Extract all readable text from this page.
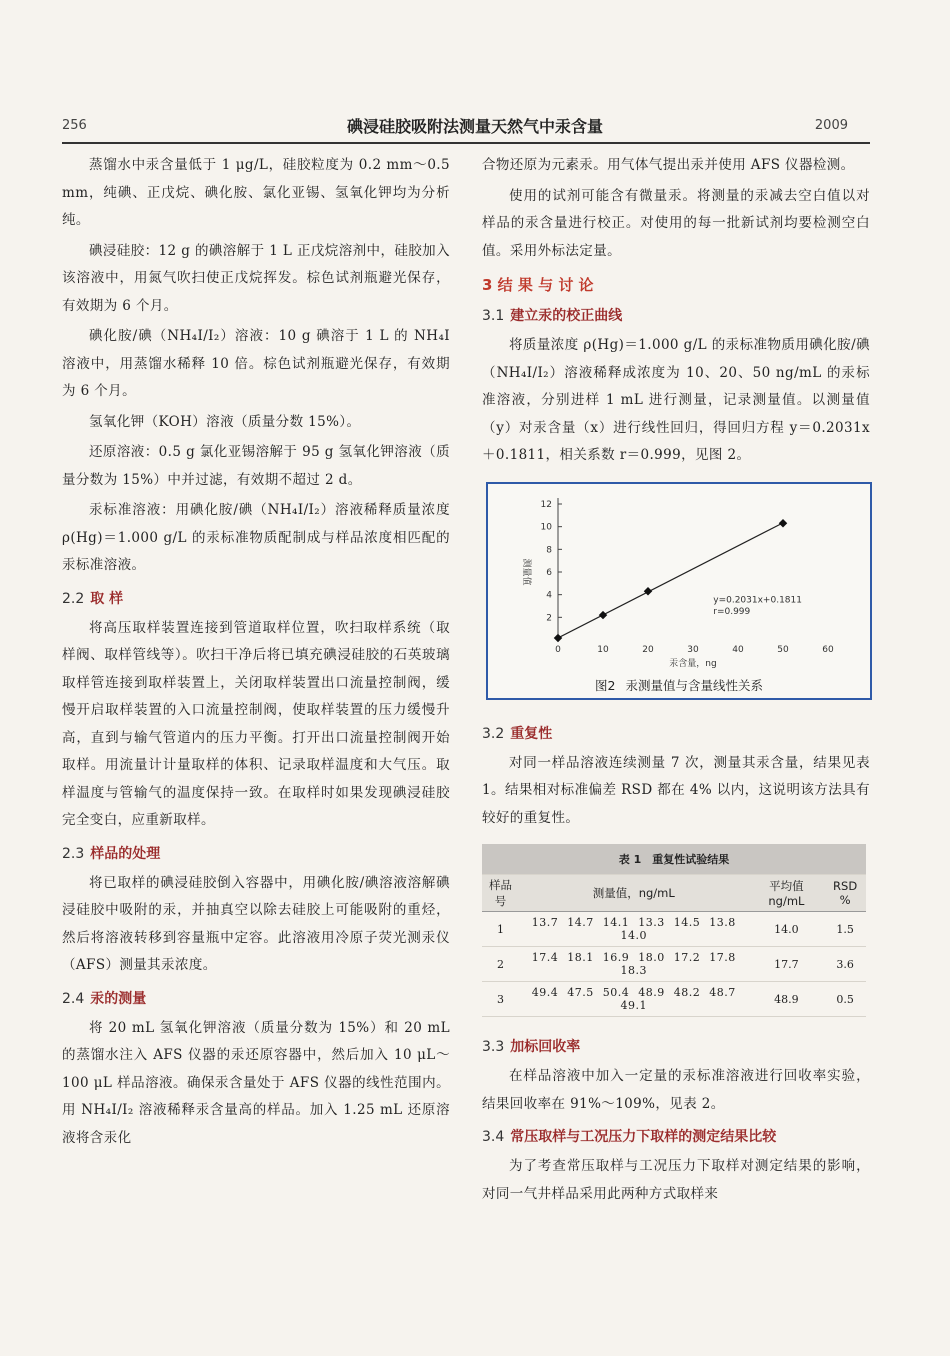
256	碘浸硅胶吸附法测量天然气中汞含量	2009

蒸馏水中汞含量低于 1 μg/L，硅胶粒度为 0.2 mm～0.5 mm，纯碘、正戊烷、碘化胺、氯化亚锡、氢氧化钾均为分析纯。

碘浸硅胶：12 g 的碘溶解于 1 L 正戊烷溶剂中，硅胶加入该溶液中，用氮气吹扫使正戊烷挥发。棕色试剂瓶避光保存，有效期为 6 个月。

碘化胺/碘（NH₄I/I₂）溶液：10 g 碘溶于 1 L 的 NH₄I 溶液中，用蒸馏水稀释 10 倍。棕色试剂瓶避光保存，有效期为 6 个月。

氢氧化钾（KOH）溶液（质量分数 15%）。

还原溶液：0.5 g 氯化亚锡溶解于 95 g 氢氧化钾溶液（质量分数为 15%）中并过滤，有效期不超过 2 d。

汞标准溶液：用碘化胺/碘（NH₄I/I₂）溶液稀释质量浓度 ρ(Hg)＝1.000 g/L 的汞标准物质配制成与样品浓度相匹配的汞标准溶液。

2.2 取 样

将高压取样装置连接到管道取样位置，吹扫取样系统（取样阀、取样管线等）。吹扫干净后将已填充碘浸硅胶的石英玻璃取样管连接到取样装置上，关闭取样装置出口流量控制阀，缓慢开启取样装置的入口流量控制阀，使取样装置的压力缓慢升高，直到与输气管道内的压力平衡。打开出口流量控制阀开始取样。用流量计计量取样的体积、记录取样温度和大气压。取样温度与管输气的温度保持一致。在取样时如果发现碘浸硅胶完全变白，应重新取样。

2.3 样品的处理

将已取样的碘浸硅胶倒入容器中，用碘化胺/碘溶液溶解碘浸硅胶中吸附的汞，并抽真空以除去硅胶上可能吸附的重烃，然后将溶液转移到容量瓶中定容。此溶液用冷原子荧光测汞仪（AFS）测量其汞浓度。

2.4 汞的测量

将 20 mL 氢氧化钾溶液（质量分数为 15%）和 20 mL 的蒸馏水注入 AFS 仪器的汞还原容器中，然后加入 10 μL～100 μL 样品溶液。确保汞含量处于 AFS 仪器的线性范围内。用 NH₄I/I₂ 溶液稀释汞含量高的样品。加入 1.25 mL 还原溶液将含汞化

合物还原为元素汞。用气体气提出汞并使用 AFS 仪器检测。

使用的试剂可能含有微量汞。将测量的汞减去空白值以对样品的汞含量进行校正。对使用的每一批新试剂均要检测空白值。采用外标法定量。

3 结 果 与 讨 论
3.1 建立汞的校正曲线

将质量浓度 ρ(Hg)＝1.000 g/L 的汞标准物质用碘化胺/碘（NH₄I/I₂）溶液稀释成浓度为 10、20、50 ng/mL 的汞标准溶液，分别进样 1 mL 进行测量，记录测量值。以测量值（y）对汞含量（x）进行线性回归，得回归方程 y＝0.2031x＋0.1811，相关系数 r＝0.999，见图 2。

2
4
6
8
10
12
0	10	20	30	40	50	60
测量值
汞含量，ng
y=0.2031x+0.1811
r=0.999
图2 汞测量值与含量线性关系
3.2 重复性

对同一样品溶液连续测量 7 次，测量其汞含量，结果见表 1。结果相对标准偏差 RSD 都在 4% 以内，这说明该方法具有较好的重复性。

表 1　重复性试验结果			
样品号	测量值，ng/mL	平均值 ng/mL	RSD %
1	13.7 14.7 14.1 13.3 14.5 13.8 14.0	14.0	1.5
2	17.4 18.1 16.9 18.0 17.2 17.8 18.3	17.7	3.6
3	49.4 47.5 50.4 48.9 48.2 48.7 49.1	48.9	0.5
3.3 加标回收率

在样品溶液中加入一定量的汞标准溶液进行回收率实验，结果回收率在 91%～109%，见表 2。

3.4 常压取样与工况压力下取样的测定结果比较

为了考查常压取样与工况压力下取样对测定结果的影响，对同一气井样品采用此两种方式取样来
